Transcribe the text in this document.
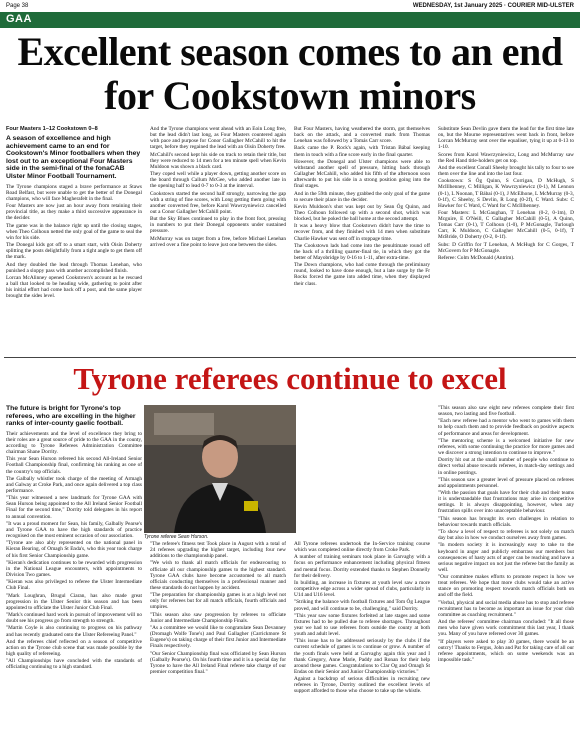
Page 38	WEDNESDAY, 1st January 2025 · COURIER MID-ULSTER
GAA
Excellent season comes to an end for Cookstown minors
Four Masters 1–12 Cookstown 0–8
A season of excellence and high achievement came to an end for Cookstown's Minor footballers when they lost out to an exceptional Four Masters side in the semi-final of the fonaCAB Ulster Minor Football Tournament.

The Tyrone champions staged a brave performance at Staws Road Belfast, but were unable to get the better of the Donegal champions, who will face Magherafelt in the final.

Four Masters are now just an hour away from retaining their provincial title, as they make a third successive appearance in the decider.

The game was in the balance right up until the closing stages, when Theo Colhoun netted the only goal of the game to seal the win for his side.

The Donegal kids got off to a smart start, with Oisín Doherty splitting the posts delightfully from a tight angle to get them off the mark.

And they doubled the lead through Thomas Lenehan, who punished a sloppy pass with another accomplished finish.

Lorcan McAlinney opened Cookstown's account as he rescued a ball that looked to be heading wide, gathering to point after his initial effort had come back off a post, and the same player brought the sides level.

And the Tyrone champions went ahead with an Eoin Long free, but the lead didn't last long, as Four Masters countered again with pace and purpose for Conor Gallagher McCahill to hit the target, before they regained the lead with an Oisín Doherty free.

McCahill's second kept his side on track to retain their title, but they were reduced to 14 men for a ten minute spell when Kevin Muldoon was shown a black card.

They coped well while a player down, getting another score on the board through Callum McGee, who added another late in the opening half to lead 0-7 to 0-3 at the interval.

Cookstown started the second half strongly, narrowing the gap with a string of fine scores, with Long getting them going with another converted free, before Karol Wawrzyniewicz cancelled out a Conor Gallagher McCahill point.

But the Sky Blues continued to play in the front foot, pressing in numbers to put their Donegal opponents under sustained pressure.

McMurray was on target from a free, before Michael Lenehan arrived over a fine point to leave just one between the sides.

But Four Masters, having weathered the storm, got themselves back on the attack, and a converted mark from Thomas Lenehan was followed by a Tomás Carr score.

Back came the P. Rock's again, with Tristan Bábaí keeping them in touch with a fine score early in the final quarter.

However, the Donegal and Ulster champions were able to withstand another spell of pressure, hitting back through Gallagher McCahill, who added his fifth of the afternoon soon afterwards to put his side in a strong position going into the final stages.

And in the 59th minute, they grabbed the only goal of the game to secure their place in the decider.

Kevin Muldoon's shot was kept out by Sean Óg Quinn, and Theo Colhoun followed up with a second shot, which was blocked, but he poked the ball home at the second attempt.

It was a heavy blow that Cookstown didn't have the time to recover from, and they finished with 14 men when substitute Charlie Hawker was sent off in stoppage time.

The Cookstown lads had come into the penultimate round off the back of a thrilling quarter-final tie, in which they got the better of Mayobridge by 0-16 to 1-11, after extra-time.

The Down champions, who had come through the preliminary round, looked to have done enough, but a late surge by the Fr Rocks forced the game into added time, when they displayed their class.

Substitute Sean Devlin gave them the lead for the first time late on, but the Mourne representatives went back in front, before Lorcan McMurray sent over the equaliser, tying it up at 0-13 to 1-10.

Scores from Karol Wawrzyniewicz, Long and McMurray saw the Red Hand title-holders get on top.

And the excellent Conall Sheehy brought his tally to four to see them over the line and into the last four.

Cookstown: S Óg Quinn, S Corrigan, D McHugh, S McIllhenney, C Milligan, K Wawrzyniewicz (0-1), M Lennon (0-1), L Noonan, T Bábaí (0-1), J McElhone, L McMurray (0-3, 0-1f), C Sheehy, S Devlin, R Long (0-2f), C Ward. Subs: C Hawker for C Ward, C Ward for C McIllhenney.

Four Masters: L McGaughan, T Lenehan (0-2, 0-1m), D Mcguire, E O'Neill, C Gallagher McCahill (0-5), A Quinn, Tomas Carr (0-1), T Colhoun (1-0), P McGonagle, Turlough Carr, K Muldoon, C Gallagher McCahill (0-5, 0-1f), T McBride, O Doherty (0-2, 0-1f).

Subs: D Griffin for T Lenehan, A McHugh for C Gorges, T McGovern for P McGonagle.

Referee: Colm McDonald (Antrim).

Tyrone referees continue to excel
Tyrone referee Sean Hurson.
The future is bright for Tyrone's top referees, who are excelling in the higher ranks of inter-county gaelic football.

Their achievements and the level of excellence they bring to their roles are a great source of pride to the GAA in the county, according to Tyrone Referees Administration Committee chairman Shane Dorrity.

This year Sean Hurson refereed his second All-Ireland Senior Football Championship final, confirming his ranking as one of the country's top officials.

The Galbally whistler took charge of the meeting of Armagh and Galway at Croke Park, and once again delivered a top class performance.

"This year witnessed a new landmark for Tyrone GAA with Sean Hurson being appointed to the All Ireland Senior Football Final for the second time," Dorrity told delegates in his report to annual convention.

"It was a proud moment for Sean, his family, Galbally Pearse's and Tyrone GAA to have the high standards of practice recognised on the most eminent occasion of our association.

"Tyrone are also ably represented on the national panel in Kieran Bearing, of Omagh St Enda's, who this year took charge of his first Senior Championship game.

"Kieran's dedication continues to be rewarded with progression in the National League encounters, with appointments to Division Two games.

"Kieran was also privileged to referee the Ulster Intermediate Club Final.

"Mark Loughran, Brugul Ciaran, has also made great progression in the Ulster Senior this season and has been appointed to officiate the Ulster Junior Club Final.

"Mark's continued hard work in pursuit of improvement will no doubt see his progress go from strength to strength.

"Martin Coyle is also continuing to progress on his pathway and has recently graduated onto the Ulster Refereeing Panel."

And the referees chief reflected on a season of competitive action on the Tyrone club scene that was made possible by the high quality of refereeing.

"All Championships have concluded with the standards of officiating continuing to a high standard.

"The referee's fitness test Took place in August with a total of 24 referees upgrading the higher target, including four new additions to the championship panel.

"We wish to thank all match officials for endeavouring to officiate all our championship games to the highest standard. Tyrone GAA clubs have become accustomed to all match officials conducting themselves in a professional manner and these standards do not happen by accident.

"The preparation for championship games is at a high level not only for referees but for all match officials, fourth officials and umpires.

"This season also saw progression by referees to officiate Junior and Intermediate Championship Finals.

"As a committee we would like to congratulate Sean Devanney (Dromagh Wolfe Tone's) and Paul Gallagher (Carrickmore St Eugene's) on taking charge of their first Junior and Intermediate Finals respectively.

"Our Senior Championship final was officiated by Sean Hurson (Galbally Pearse's). On his fourth time and it is a special day for Tyrone to have the All Ireland Final referee take charge of our premier competition final."

All Tyrone referees undertook the In-Service training course which was completed online directly from Croke Park.

A number of training seminars took place in Garvaghy with a focus on performance enhancement including physical fitness and mental focus. Dorrity extended thanks to Stephen Donnelly for their delivery.

In building, an increase in fixtures at youth level saw a more competitive edge across a wider spread of clubs, particularly in U14 and U16 level.

"Striking the balance with football fixtures and Tom Óg League proved, and will continue to be, challenging," said Dorrity.

"This year saw some fixtures forfeited at late stages and some fixtures had to be pulled due to referee shortages. Throughout year we had to use referees from outside the county at both youth and adult level.

"This issue has to be addressed seriously by the clubs if the current schedule of games is to continue or grow. A number of the youth finals were held at Garvaghy again this year and I thank Gregory, Anne Marie, Paddy and Ronan for their help around these games. Congratulations to Clar Og and Omagh St Endas on their Senior and Junior Championship victories."

Against a backdrop of serious difficulties in recruiting new referees in Tyrone, Dorrity outlined the excellent levels of support afforded to those who choose to take up the whistle.

"This season also saw eight new referees complete their first season, two lasting and five football.

"Each new referee had a mentor who went to games with them to help coach them and to provide feedback on positive aspects of performance and areas for development.

"The mentoring scheme is a welcomed initiative for new referees, with some continuing the practice for more games and we discover a strong intention to continue to improve."

Dorrity hit out at the small number of people who continue to direct verbal abuse towards referees, in match-day settings and in online postings.

"This season saw a greater level of pressure placed on referees and appointments personnel.

"With the passion that goals have for their club and their teams it is understandable that frustrations may arise in competitive settings. It is always disappointing, however, when any frustration spills over into unacceptable behaviour.

"This season has brought its own challenges in relation to behaviour towards match officials.

"To show a level of respect to referees is not solely on match day but also in how we conduct ourselves away from games.

"In modern society it is increasingly easy to take to the keyboard in anger and publicly embarrass our members but consequences of hasty acts of anger can be reaching and have a serious negative impact on not just the referee but the family as well.

"Our committee makes efforts to promote respect in how we treat referees. We hope that more clubs would take an active stance on promoting respect towards match officials both on and off the field.

"Verbal, physical and social media abuse has to stop and referee recruitment has to become as important an issue for your club committee as coaching recruitment."

And the referees' committee chairman concluded: "It all those men who have given work commitment this last year, I thank you. Many of you have refereed over 30 games.

"If players were asked to play 30 games, there would be an outcry! Thanks to Fergus, John and Pat for taking care of all our referee appointments, which on some weekends was an impossible task."
